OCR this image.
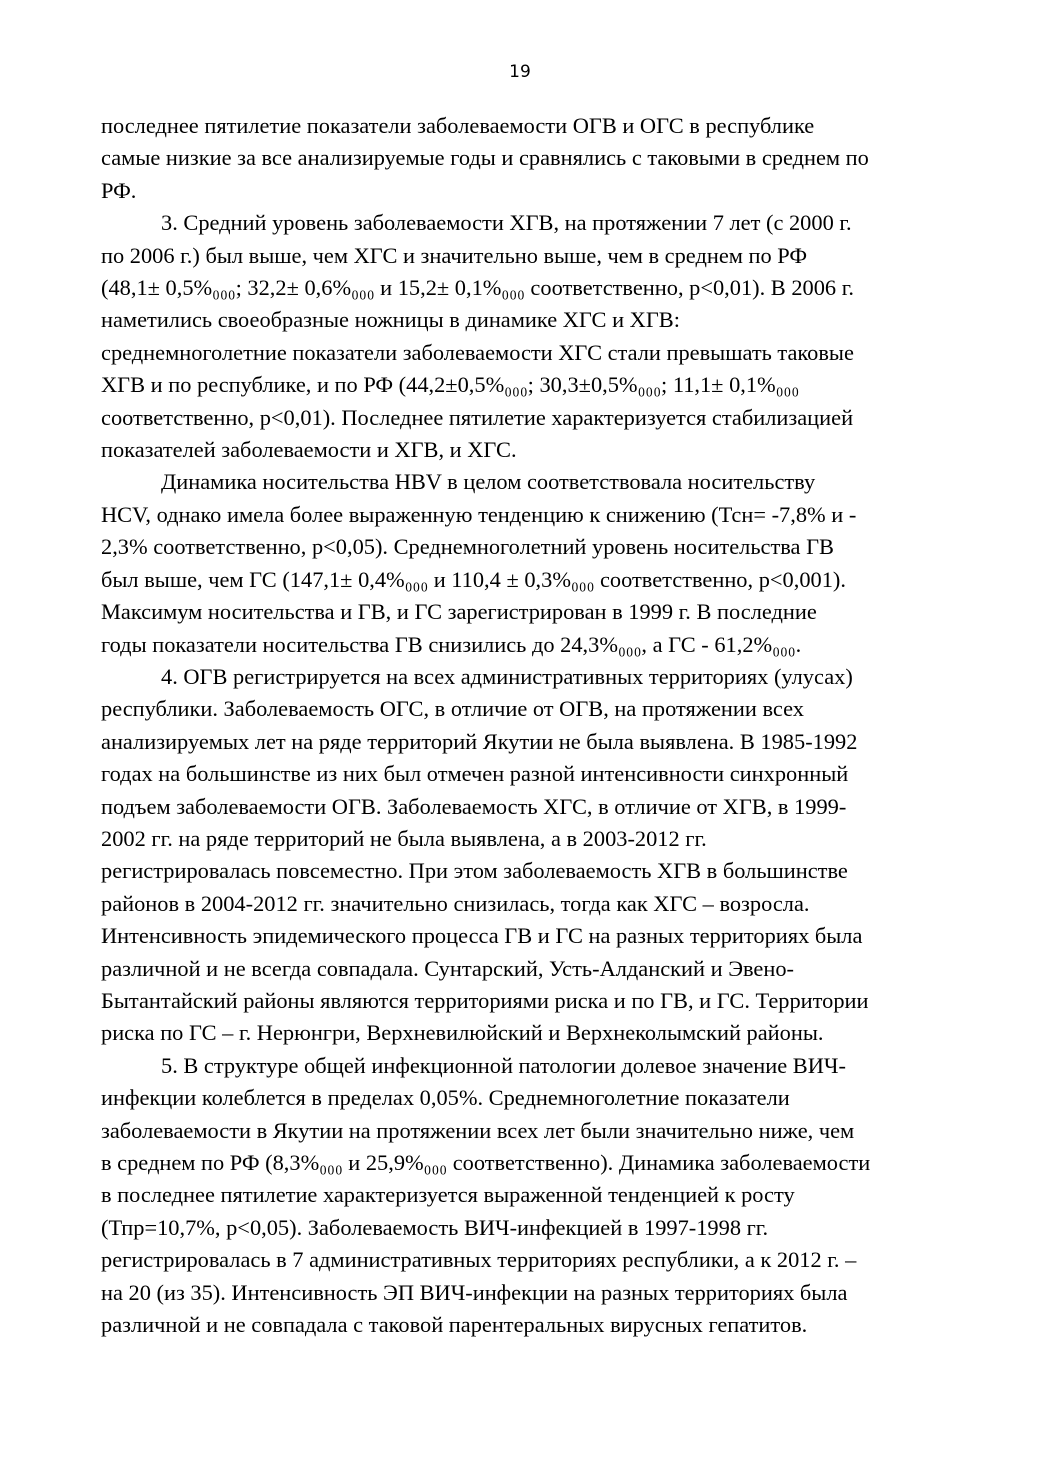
19

последнее пятилетие показатели заболеваемости ОГВ и ОГС в республике
самые низкие за все анализируемые годы и сравнялись с таковыми в среднем по
РФ.

3. Средний уровень заболеваемости ХГВ, на протяжении 7 лет (с 2000 г.
по 2006 г.) был выше, чем ХГС и значительно выше, чем в среднем по РФ
(48,1± 0,5%₀₀₀; 32,2± 0,6%₀₀₀ и 15,2± 0,1%₀₀₀ соответственно, p<0,01). В 2006 г.
наметились своеобразные ножницы в динамике ХГС и ХГВ:
среднемноголетние показатели заболеваемости ХГС стали превышать таковые
ХГВ и по республике, и по РФ (44,2±0,5%₀₀₀; 30,3±0,5%₀₀₀; 11,1± 0,1%₀₀₀
соответственно, p<0,01). Последнее пятилетие характеризуется стабилизацией
показателей заболеваемости и ХГВ, и ХГС.

Динамика носительства HBV в целом соответствовала носительству
HCV, однако имела более выраженную тенденцию к снижению (Тсн= -7,8% и -
2,3% соответственно, p<0,05). Среднемноголетний уровень носительства ГВ
был выше, чем ГС (147,1± 0,4%₀₀₀ и 110,4 ± 0,3%₀₀₀ соответственно, p<0,001).
Максимум носительства и ГВ, и ГС зарегистрирован в 1999 г. В последние
годы показатели носительства ГВ снизились до 24,3%₀₀₀, а ГС - 61,2%₀₀₀.

4. ОГВ регистрируется на всех административных территориях (улусах)
республики. Заболеваемость ОГС, в отличие от ОГВ, на протяжении всех
анализируемых лет на ряде территорий Якутии не была выявлена. В 1985-1992
годах на большинстве из них был отмечен разной интенсивности синхронный
подъем заболеваемости ОГВ. Заболеваемость ХГС, в отличие от ХГВ, в 1999-
2002 гг. на ряде территорий не была выявлена, а в 2003-2012 гг.
регистрировалась повсеместно. При этом заболеваемость ХГВ в большинстве
районов в 2004-2012 гг. значительно снизилась, тогда как ХГС – возросла.
Интенсивность эпидемического процесса ГВ и ГС на разных территориях была
различной и не всегда совпадала. Сунтарский, Усть-Алданский и Эвено-
Бытантайский районы являются территориями риска и по ГВ, и ГС. Территории
риска по ГС – г. Нерюнгри, Верхневилюйский и Верхнеколымский районы.

5. В структуре общей инфекционной патологии долевое значение ВИЧ-
инфекции колеблется в пределах 0,05%. Среднемноголетние показатели
заболеваемости в Якутии на протяжении всех лет были значительно ниже, чем
в среднем по РФ (8,3%₀₀₀ и 25,9%₀₀₀ соответственно). Динамика заболеваемости
в последнее пятилетие характеризуется выраженной тенденцией к росту
(Тпр=10,7%, p<0,05). Заболеваемость ВИЧ-инфекцией в 1997-1998 гг.
регистрировалась в 7 административных территориях республики, а к 2012 г. –
на 20 (из 35). Интенсивность ЭП ВИЧ-инфекции на разных территориях была
различной и не совпадала с таковой парентеральных вирусных гепатитов.
